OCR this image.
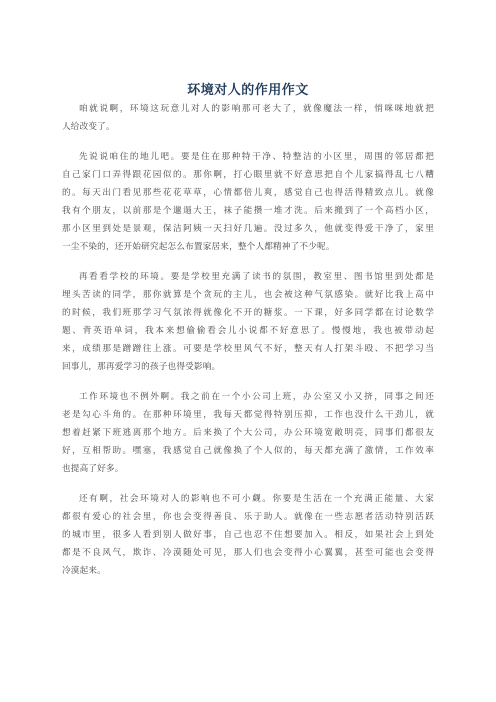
环境对人的作用作文
咱就说啊，环境这玩意儿对人的影响那可老大了，就像魔法一样，悄咪咪地就把
人给改变了。
先说说咱住的地儿吧。要是住在那种特干净、特整洁的小区里，周围的邻居都把
自己家门口弄得跟花园似的。那你啊，打心眼里就不好意思把自个儿家搞得乱七八糟
的。每天出门看见那些花花草草，心情都倍儿爽，感觉自己也得活得精致点儿。就像
我有个朋友，以前那是个邋遢大王，袜子能攒一堆才洗。后来搬到了一个高档小区，
那小区里到处是景观，保洁阿姨一天扫好几遍。没过多久，他就变得爱干净了，家里
一尘不染的，还开始研究起怎么布置家居来，整个人都精神了不少呢。
再看看学校的环境。要是学校里充满了读书的氛围，教室里、图书馆里到处都是
埋头苦读的同学，那你就算是个贪玩的主儿，也会被这种气氛感染。就好比我上高中
的时候，我们班那学习气氛浓得就像化不开的糖浆。一下课，好多同学都在讨论数学
题、背英语单词，我本来想偷偷看会儿小说都不好意思了。慢慢地，我也被带动起
来，成绩那是蹭蹭往上涨。可要是学校里风气不好，整天有人打架斗殴、不把学习当
回事儿，那再爱学习的孩子也得受影响。
工作环境也不例外啊。我之前在一个小公司上班，办公室又小又挤，同事之间还
老是勾心斗角的。在那种环境里，我每天都觉得特别压抑，工作也没什么干劲儿，就
想着赶紧下班逃离那个地方。后来换了个大公司，办公环境宽敞明亮，同事们都很友
好，互相帮助。嘿塞，我感觉自己就像换了个人似的，每天都充满了激情，工作效率
也提高了好多。
还有啊，社会环境对人的影响也不可小觑。你要是生活在一个充满正能量、大家
都很有爱心的社会里，你也会变得善良、乐于助人。就像在一些志愿者活动特别活跃
的城市里，很多人看到别人做好事，自己也忍不住想要加入。相反，如果社会上到处
都是不良风气，欺诈、冷漠随处可见，那人们也会变得小心翼翼，甚至可能也会变得
冷漠起来。
